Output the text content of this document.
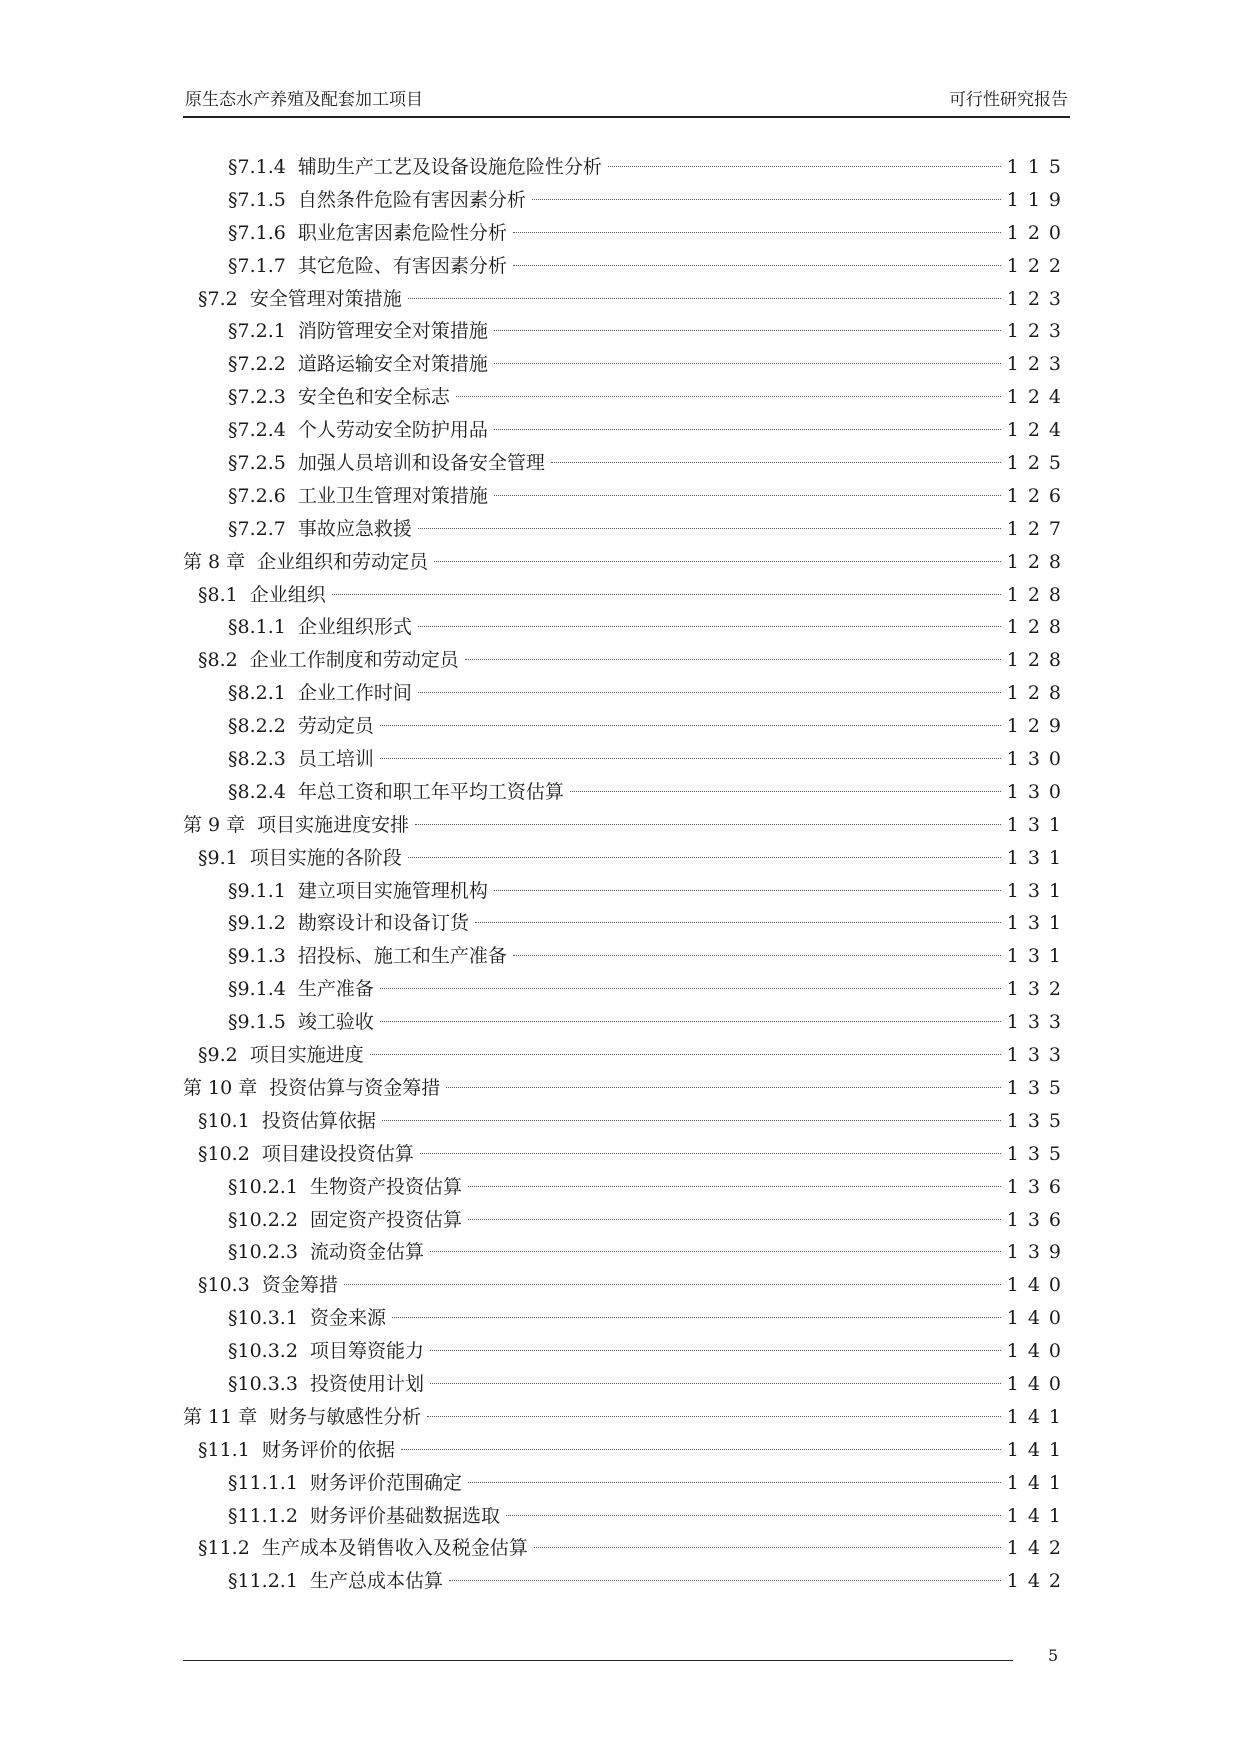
原生态水产养殖及配套加工项目	可行性研究报告
§7.1.4 辅助生产工艺及设备设施危险性分析	115
§7.1.5 自然条件危险有害因素分析	119
§7.1.6 职业危害因素危险性分析	120
§7.1.7 其它危险、有害因素分析	122
§7.2 安全管理对策措施	123
§7.2.1 消防管理安全对策措施	123
§7.2.2 道路运输安全对策措施	123
§7.2.3 安全色和安全标志	124
§7.2.4 个人劳动安全防护用品	124
§7.2.5 加强人员培训和设备安全管理	125
§7.2.6 工业卫生管理对策措施	126
§7.2.7 事故应急救援	127
第 8 章 企业组织和劳动定员	128
§8.1 企业组织	128
§8.1.1 企业组织形式	128
§8.2 企业工作制度和劳动定员	128
§8.2.1 企业工作时间	128
§8.2.2 劳动定员	129
§8.2.3 员工培训	130
§8.2.4 年总工资和职工年平均工资估算	130
第 9 章 项目实施进度安排	131
§9.1 项目实施的各阶段	131
§9.1.1 建立项目实施管理机构	131
§9.1.2 勘察设计和设备订货	131
§9.1.3 招投标、施工和生产准备	131
§9.1.4 生产准备	132
§9.1.5 竣工验收	133
§9.2 项目实施进度	133
第 10 章 投资估算与资金筹措	135
§10.1 投资估算依据	135
§10.2 项目建设投资估算	135
§10.2.1 生物资产投资估算	136
§10.2.2 固定资产投资估算	136
§10.2.3 流动资金估算	139
§10.3 资金筹措	140
§10.3.1 资金来源	140
§10.3.2 项目筹资能力	140
§10.3.3 投资使用计划	140
第 11 章 财务与敏感性分析	141
§11.1 财务评价的依据	141
§11.1.1 财务评价范围确定	141
§11.1.2 财务评价基础数据选取	141
§11.2 生产成本及销售收入及税金估算	142
§11.2.1 生产总成本估算	142
5
